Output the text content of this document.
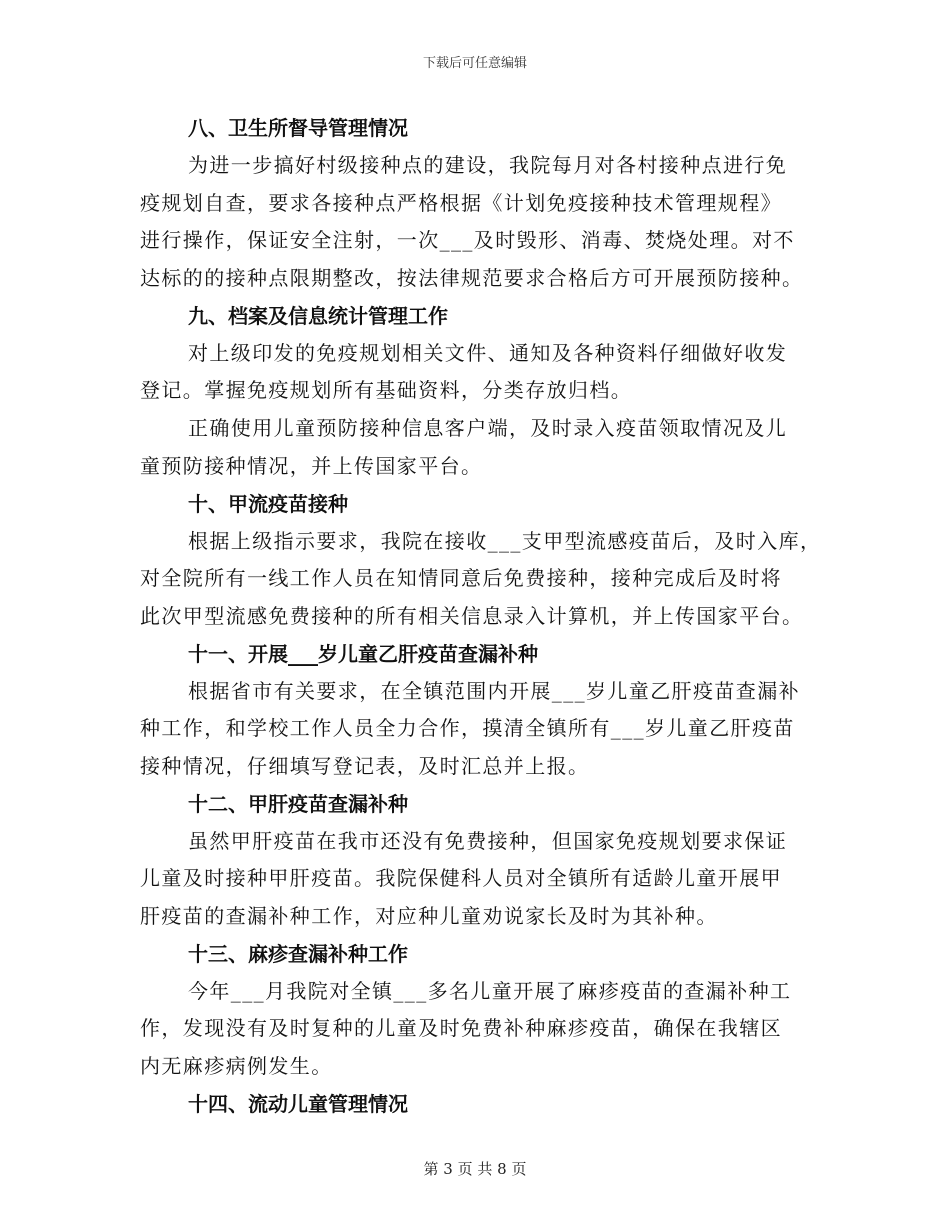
下载后可任意编辑
八、卫生所督导管理情况
为进一步搞好村级接种点的建设，我院每月对各村接种点进行免
疫规划自查，要求各接种点严格根据《计划免疫接种技术管理规程》
进行操作，保证安全注射，一次___及时毁形、消毒、焚烧处理。对不
达标的的接种点限期整改，按法律规范要求合格后方可开展预防接种。
九、档案及信息统计管理工作
对上级印发的免疫规划相关文件、通知及各种资料仔细做好收发
登记。掌握免疫规划所有基础资料，分类存放归档。
正确使用儿童预防接种信息客户端，及时录入疫苗领取情况及儿
童预防接种情况，并上传国家平台。
十、甲流疫苗接种
根据上级指示要求，我院在接收___支甲型流感疫苗后，及时入库，
对全院所有一线工作人员在知情同意后免费接种，接种完成后及时将
此次甲型流感免费接种的所有相关信息录入计算机，并上传国家平台。
十一、开展___岁儿童乙肝疫苗查漏补种
根据省市有关要求，在全镇范围内开展___岁儿童乙肝疫苗查漏补
种工作，和学校工作人员全力合作，摸清全镇所有___岁儿童乙肝疫苗
接种情况，仔细填写登记表，及时汇总并上报。
十二、甲肝疫苗查漏补种
虽然甲肝疫苗在我市还没有免费接种，但国家免疫规划要求保证
儿童及时接种甲肝疫苗。我院保健科人员对全镇所有适龄儿童开展甲
肝疫苗的查漏补种工作，对应种儿童劝说家长及时为其补种。
十三、麻疹查漏补种工作
今年___月我院对全镇___多名儿童开展了麻疹疫苗的查漏补种工
作，发现没有及时复种的儿童及时免费补种麻疹疫苗，确保在我辖区
内无麻疹病例发生。
十四、流动儿童管理情况
第 3 页 共 8 页
